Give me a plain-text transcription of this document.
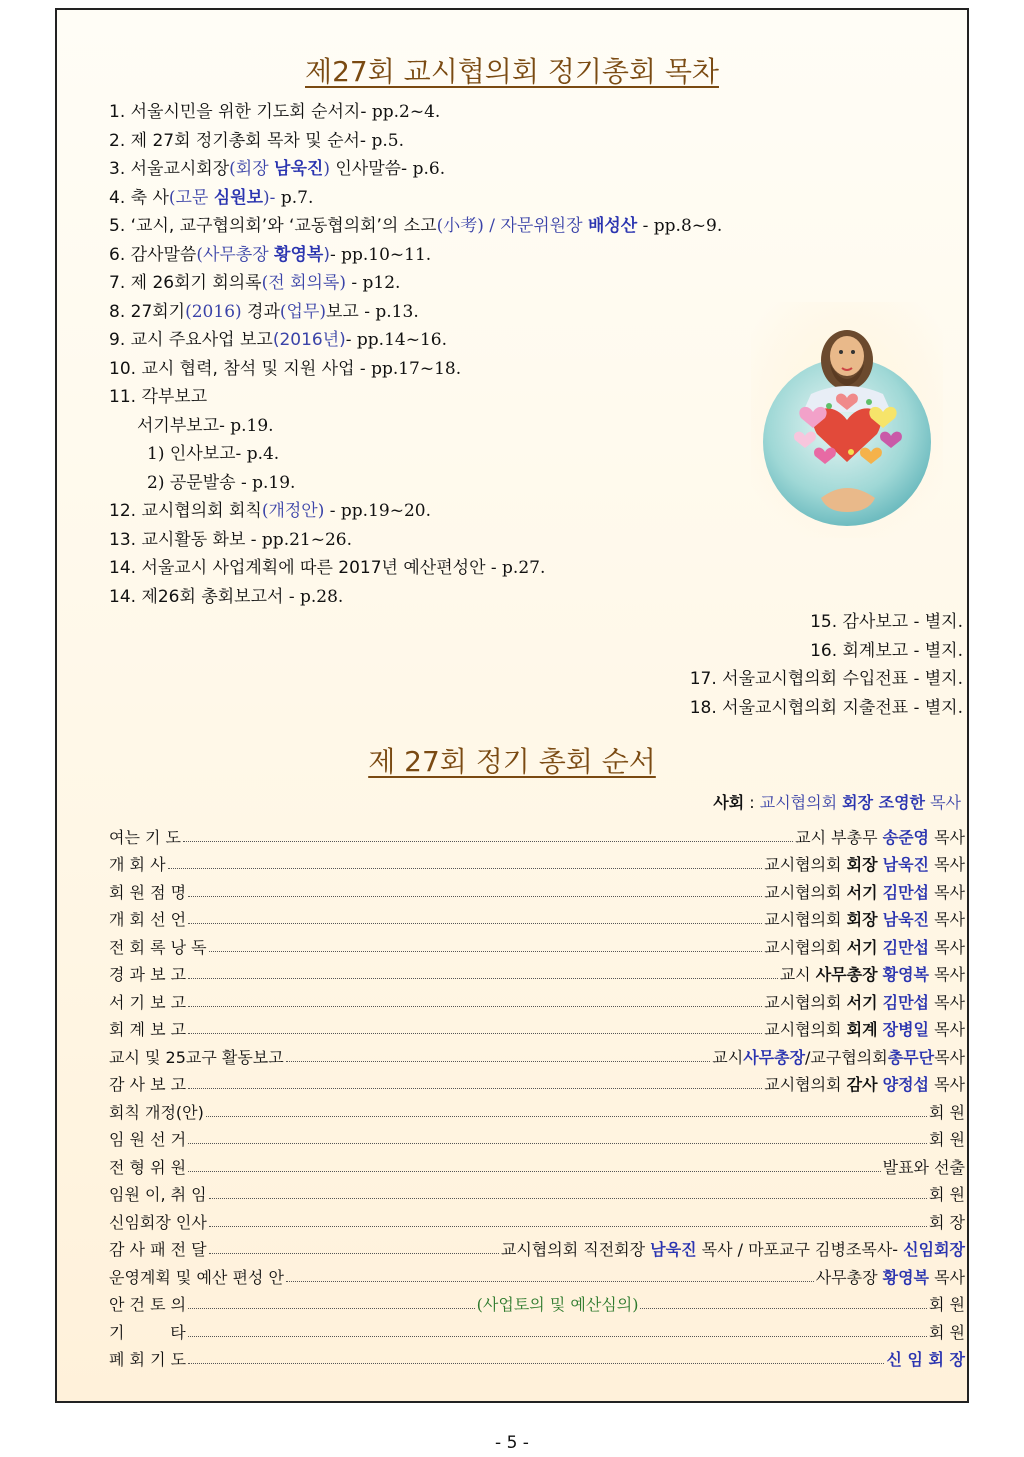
제27회 교시협의회 정기총회 목차
1. 서울시민을 위한 기도회 순서지- pp.2~4.
2. 제 27회 정기총회 목차 및 순서- p.5.
3. 서울교시회장(회장 남욱진) 인사말씀- p.6.
4. 축 사(고문 심원보)- p.7.
5. ‘교시, 교구협의회’와 ‘교동협의회’의 소고(小考) / 자문위원장 배성산 - pp.8~9.
6. 감사말씀(사무총장 황영복)- pp.10~11.
7. 제 26회기 회의록(전 회의록) - p12.
8. 27회기(2016) 경과(업무)보고 - p.13.
9. 교시 주요사업 보고(2016년)- pp.14~16.
10. 교시 협력, 참석 및 지원 사업 - pp.17~18.
11. 각부보고
서기부보고- p.19.
1) 인사보고- p.4.
2) 공문발송 - p.19.
12. 교시협의회 회칙(개정안) - pp.19~20.
13. 교시활동 화보 - pp.21~26.
14. 서울교시 사업계획에 따른 2017년 예산편성안 - p.27.
14. 제26회 총회보고서 - p.28.
15. 감사보고 - 별지.
16. 회계보고 - 별지.
17. 서울교시협의회 수입전표 - 별지.
18. 서울교시협의회 지출전표 - 별지.
제 27회 정기 총회 순서
사회 : 교시협의회 회장 조영한 목사
여는 기 도	교시 부총무 송준영 목사
개 회 사	교시협의회 회장 남욱진 목사
회 원 점 명	교시협의회 서기 김만섭 목사
개 회 선 언	교시협의회 회장 남욱진 목사
전 회 록 낭 독	교시협의회 서기 김만섭 목사
경 과 보 고	교시 사무총장 황영복 목사
서 기 보 고	교시협의회 서기 김만섭 목사
회 계 보 고	교시협의회 회계 장병일 목사
교시 및 25교구 활동보고	교시사무총장/교구협의회총무단목사
감 사 보 고	교시협의회 감사 양정섭 목사
회칙 개정(안)	회 원
임 원 선 거	회 원
전 형 위 원	발표와 선출
임원 이, 취 임	회 원
신임회장 인사	회 장
감 사 패 전 달	교시협의회 직전회장 남욱진 목사 / 마포교구 김병조목사- 신임회장
운영계획 및 예산 편성 안	사무총장 황영복 목사
안 건 토 의	(사업토의 및 예산심의)	회 원
기         타	회 원
폐 회 기 도	신 임 회 장
- 5 -
